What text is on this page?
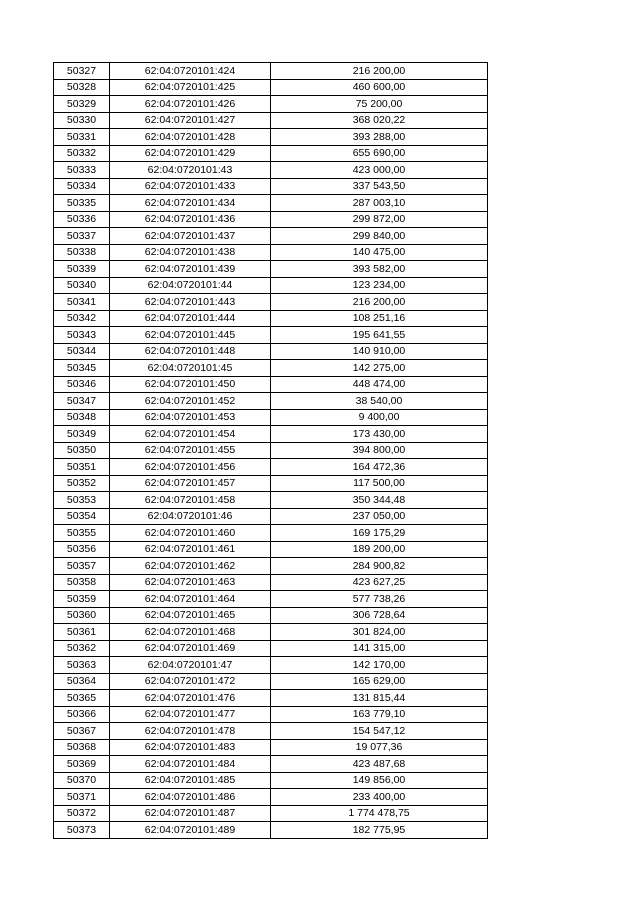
50327	62:04:0720101:424	216 200,00
50328	62:04:0720101:425	460 600,00
50329	62:04:0720101:426	75 200,00
50330	62:04:0720101:427	368 020,22
50331	62:04:0720101:428	393 288,00
50332	62:04:0720101:429	655 690,00
50333	62:04:0720101:43	423 000,00
50334	62:04:0720101:433	337 543,50
50335	62:04:0720101:434	287 003,10
50336	62:04:0720101:436	299 872,00
50337	62:04:0720101:437	299 840,00
50338	62:04:0720101:438	140 475,00
50339	62:04:0720101:439	393 582,00
50340	62:04:0720101:44	123 234,00
50341	62:04:0720101:443	216 200,00
50342	62:04:0720101:444	108 251,16
50343	62:04:0720101:445	195 641,55
50344	62:04:0720101:448	140 910,00
50345	62:04:0720101:45	142 275,00
50346	62:04:0720101:450	448 474,00
50347	62:04:0720101:452	38 540,00
50348	62:04:0720101:453	9 400,00
50349	62:04:0720101:454	173 430,00
50350	62:04:0720101:455	394 800,00
50351	62:04:0720101:456	164 472,36
50352	62:04:0720101:457	117 500,00
50353	62:04:0720101:458	350 344,48
50354	62:04:0720101:46	237 050,00
50355	62:04:0720101:460	169 175,29
50356	62:04:0720101:461	189 200,00
50357	62:04:0720101:462	284 900,82
50358	62:04:0720101:463	423 627,25
50359	62:04:0720101:464	577 738,26
50360	62:04:0720101:465	306 728,64
50361	62:04:0720101:468	301 824,00
50362	62:04:0720101:469	141 315,00
50363	62:04:0720101:47	142 170,00
50364	62:04:0720101:472	165 629,00
50365	62:04:0720101:476	131 815,44
50366	62:04:0720101:477	163 779,10
50367	62:04:0720101:478	154 547,12
50368	62:04:0720101:483	19 077,36
50369	62:04:0720101:484	423 487,68
50370	62:04:0720101:485	149 856,00
50371	62:04:0720101:486	233 400,00
50372	62:04:0720101:487	1 774 478,75
50373	62:04:0720101:489	182 775,95
